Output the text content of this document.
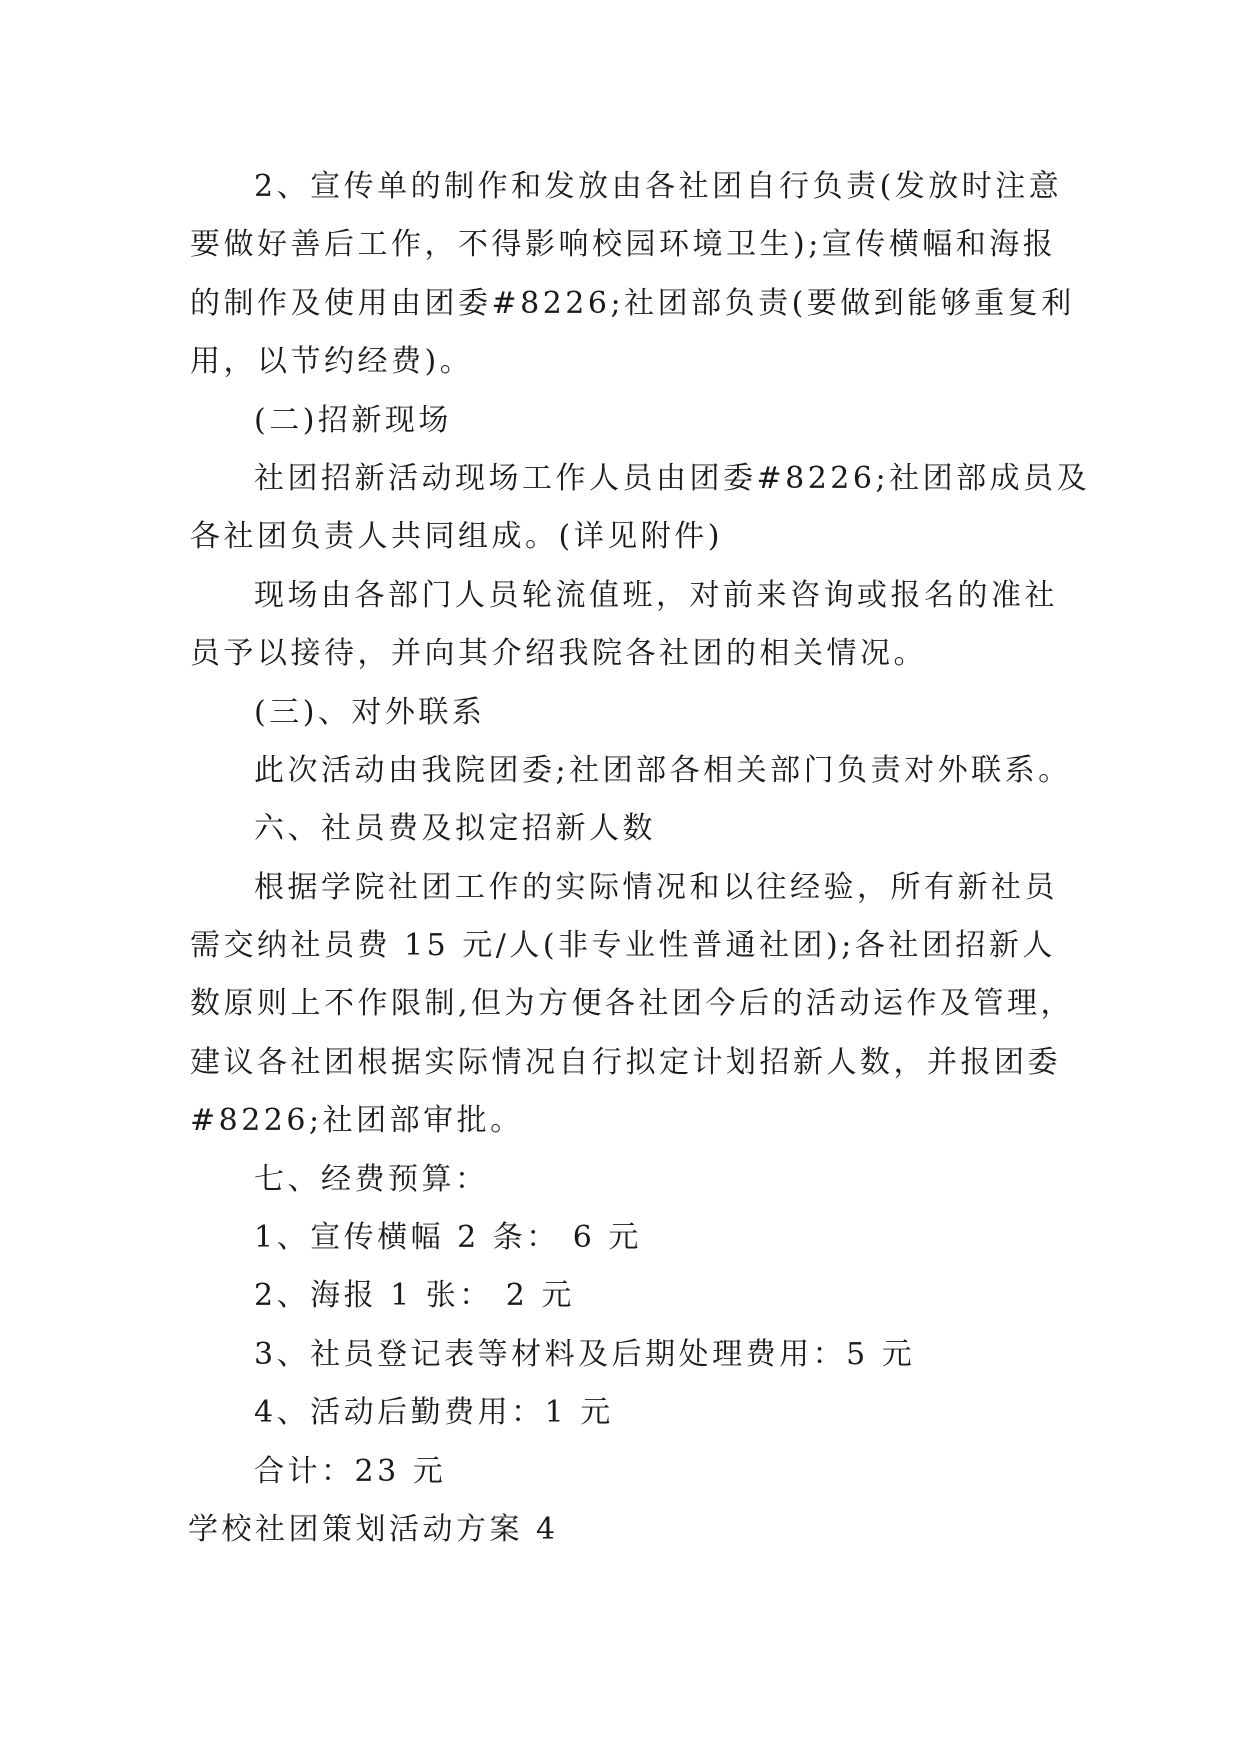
2、宣传单的制作和发放由各社团自行负责(发放时注意
要做好善后工作，不得影响校园环境卫生);宣传横幅和海报
的制作及使用由团委#8226;社团部负责(要做到能够重复利
用，以节约经费)。

(二)招新现场

社团招新活动现场工作人员由团委#8226;社团部成员及
各社团负责人共同组成。(详见附件)

现场由各部门人员轮流值班，对前来咨询或报名的准社
员予以接待，并向其介绍我院各社团的相关情况。

(三)、对外联系

此次活动由我院团委;社团部各相关部门负责对外联系。

六、社员费及拟定招新人数

根据学院社团工作的实际情况和以往经验，所有新社员
需交纳社员费 15 元/人(非专业性普通社团);各社团招新人
数原则上不作限制,但为方便各社团今后的活动运作及管理，
建议各社团根据实际情况自行拟定计划招新人数，并报团委
#8226;社团部审批。

七、经费预算：

1、宣传横幅 2 条： 6 元

2、海报 1 张： 2 元

3、社员登记表等材料及后期处理费用：5 元

4、活动后勤费用：1 元

合计：23 元

学校社团策划活动方案 4
